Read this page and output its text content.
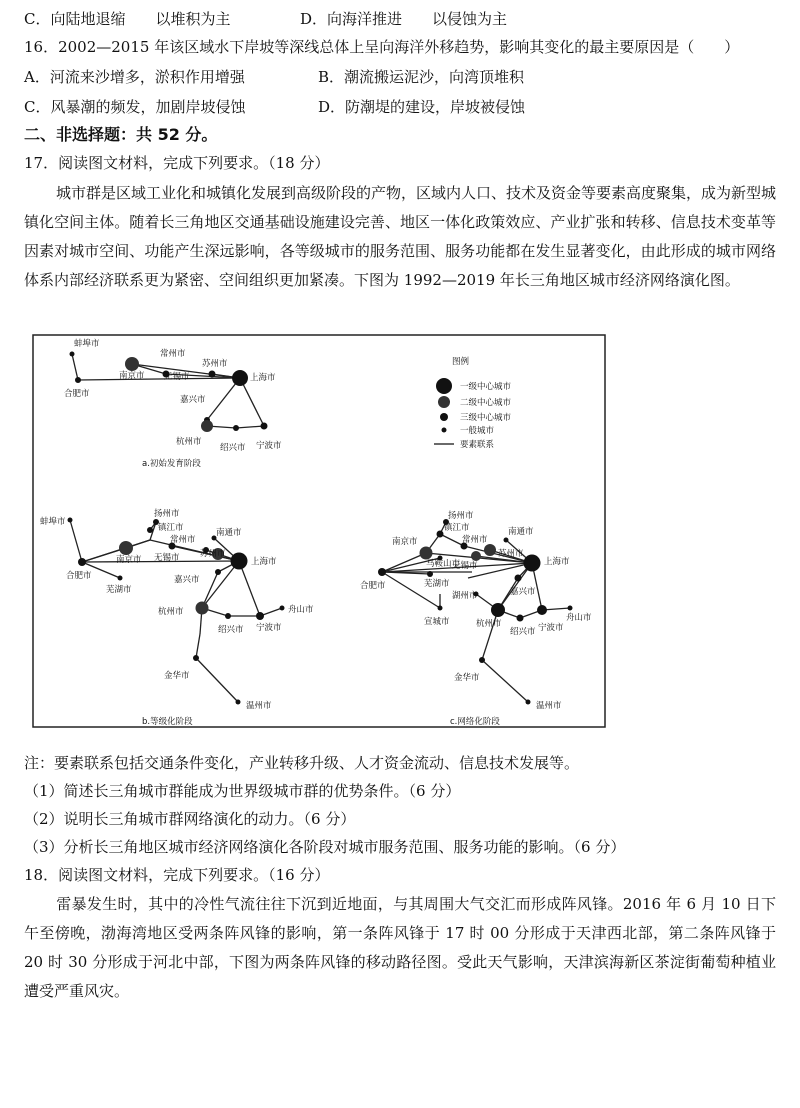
C．向陆地退缩　　以堆积为主	D．向海洋推进　　以侵蚀为主
16．2002—2015 年该区域水下岸坡等深线总体上呈向海洋外移趋势，影响其变化的最主要原因是（　　）
A．河流来沙增多，淤积作用增强	B．潮流搬运泥沙，向湾顶堆积
C．风暴潮的频发，加剧岸坡侵蚀	D．防潮堤的建设，岸坡被侵蚀
二、非选择题：共 52 分。
17．阅读图文材料，完成下列要求。（18 分）
城市群是区域工业化和城镇化发展到高级阶段的产物，区域内人口、技术及资金等要素高度聚集，成为新型城镇化空间主体。随着长三角地区交通基础设施建设完善、地区一体化政策效应、产业扩张和转移、信息技术变革等因素对城市空间、功能产生深远影响，各等级城市的服务范围、服务功能都在发生显著变化，由此形成的城市网络体系内部经济联系更为紧密、空间组织更加紧凑。下图为 1992—2019 年长三角地区城市经济网络演化图。
蚌埠市
合肥市
南京市
常州市
无锡市
苏州市
上海市
嘉兴市
杭州市
绍兴市 宁波市
a.初始发育阶段
图例
一级中心城市
二级中心城市
三级中心城市
一般城市
要素联系
蚌埠市
合肥市
芜湖市
扬州市
镇江市
南京市
常州市
南通市
无锡市 苏州市
上海市
嘉兴市
杭州市
绍兴市 宁波市
舟山市
金华市
温州市
b.等级化阶段
合肥市
南京市
马鞍山市
芜湖市
宣城市
扬州市
镇江市
常州市
南通市
无锡市
苏州市
上海市
湖州市	嘉兴市
杭州市
绍兴市 宁波市
舟山市
金华市
温州市
c.网络化阶段
注：要素联系包括交通条件变化，产业转移升级、人才资金流动、信息技术发展等。
（1）简述长三角城市群能成为世界级城市群的优势条件。（6 分）
（2）说明长三角城市群网络演化的动力。（6 分）
（3）分析长三角地区城市经济网络演化各阶段对城市服务范围、服务功能的影响。（6 分）
18．阅读图文材料，完成下列要求。（16 分）
雷暴发生时，其中的冷性气流往往下沉到近地面，与其周围大气交汇而形成阵风锋。2016 年 6 月 10 日下午至傍晚，渤海湾地区受两条阵风锋的影响，第一条阵风锋于 17 时 00 分形成于天津西北部，第二条阵风锋于 20 时 30 分形成于河北中部，下图为两条阵风锋的移动路径图。受此天气影响，天津滨海新区茶淀街葡萄种植业遭受严重风灾。
